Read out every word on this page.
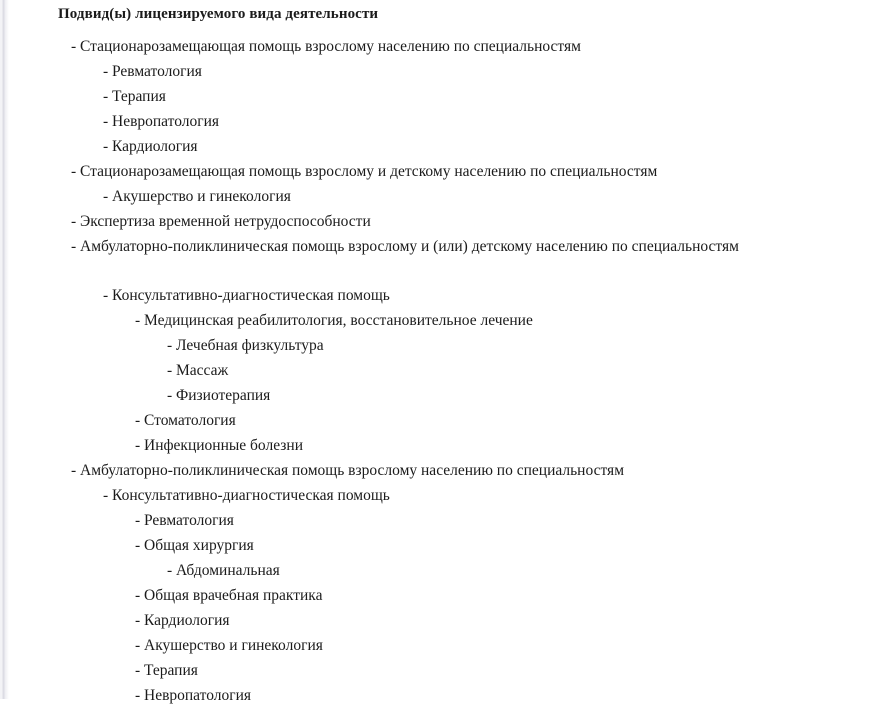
Подвид(ы) лицензируемого вида деятельности
- Стационарозамещающая помощь взрослому населению по специальностям
- Ревматология
- Терапия
- Невропатология
- Кардиология
- Стационарозамещающая помощь взрослому и детскому населению по специальностям
- Акушерство и гинекология
- Экспертиза временной нетрудоспособности
- Амбулаторно-поликлиническая помощь взрослому и (или) детскому населению по специальностям
- Консультативно-диагностическая помощь
- Медицинская реабилитология, восстановительное лечение
- Лечебная физкультура
- Массаж
- Физиотерапия
- Стоматология
- Инфекционные болезни
- Амбулаторно-поликлиническая помощь взрослому населению по специальностям
- Консультативно-диагностическая помощь
- Ревматология
- Общая хирургия
- Абдоминальная
- Общая врачебная практика
- Кардиология
- Акушерство и гинекология
- Терапия
- Невропатология
